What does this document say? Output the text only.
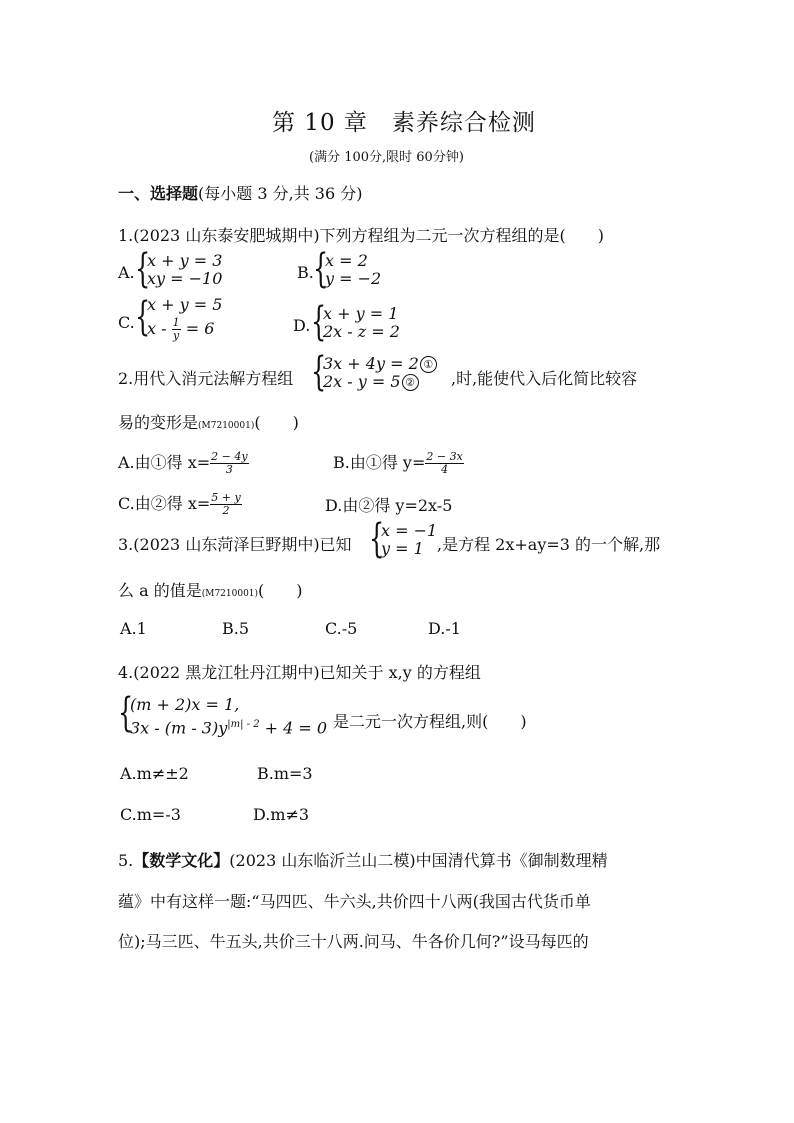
第 10 章　素养综合检测
(满分 100分,限时 60分钟)
一、选择题(每小题 3 分,共 36 分)
1.(2023 山东泰安肥城期中)下列方程组为二元一次方程组的是(　　)
A. {
x + y = 3
xy = −10	B. {
x = 2
y = −2
C. {
x + y = 5
$x - \frac{1}{y} = 6$	D. {
x + y = 1
2x - z = 2
2.用代入消元法解方程组 {
3x + 4y = 2 ①
2x - y = 5 ② ,时,能使代入后化简比较容
易的变形是(M7210001)(　　)
A.由①得 $x= \frac{2 - 4y}{3}$	B.由①得 $y= \frac{2 - 3x}{4}$
C.由②得 $x= \frac{5 + y}{2}$	D.由②得 y=2x-5
3.(2023 山东菏泽巨野期中)已知 {
x = −1
y = 1 ,是方程 2x+ay=3 的一个解,那
么 a 的值是(M7210001)(　　)
A.1	B.5	C.-5	D.-1
4.(2022 黑龙江牡丹江期中)已知关于 x,y 的方程组
{
(m + 2)x = 1,
$3x - (m - 3)y^{|m| - 2} + 4 = 0$ 是二元一次方程组,则(　　)
A.m≠±2	B.m=3
C.m=-3	D.m≠3
5.【数学文化】(2023 山东临沂兰山二模)中国清代算书《御制数理精
蕴》中有这样一题:“马四匹、牛六头,共价四十八两(我国古代货币单
位);马三匹、牛五头,共价三十八两.问马、牛各价几何?”设马每匹的
